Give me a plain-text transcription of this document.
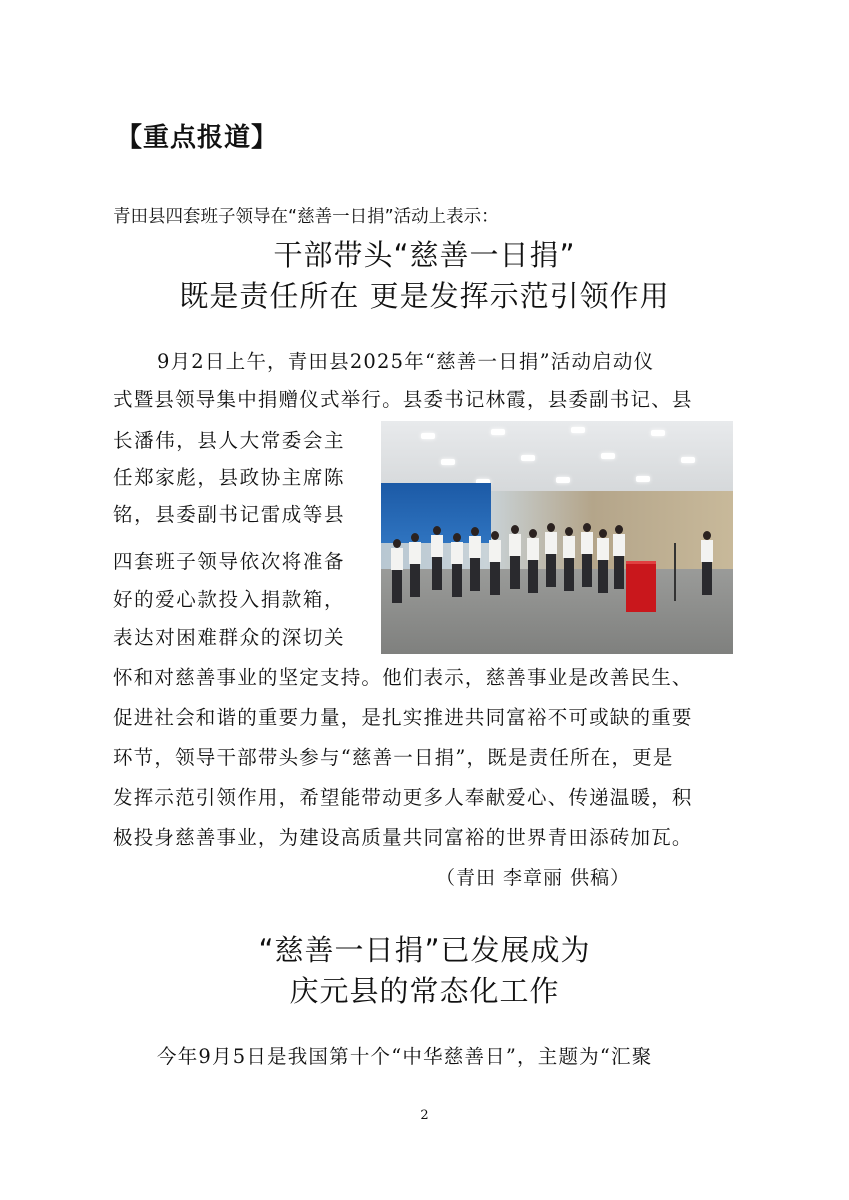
【重点报道】
青田县四套班子领导在“慈善一日捐”活动上表示：
干部带头“慈善一日捐”
既是责任所在 更是发挥示范引领作用
9月2日上午，青田县2025年“慈善一日捐”活动启动仪
式暨县领导集中捐赠仪式举行。县委书记林霞，县委副书记、县
长潘伟，县人大常委会主
任郑家彪，县政协主席陈
铭，县委副书记雷成等县
四套班子领导依次将准备
好的爱心款投入捐款箱，
表达对困难群众的深切关
怀和对慈善事业的坚定支持。他们表示，慈善事业是改善民生、
促进社会和谐的重要力量，是扎实推进共同富裕不可或缺的重要
环节，领导干部带头参与“慈善一日捐”，既是责任所在，更是
发挥示范引领作用，希望能带动更多人奉献爱心、传递温暖，积
极投身慈善事业，为建设高质量共同富裕的世界青田添砖加瓦。
（青田 李章丽 供稿）
“慈善一日捐”已发展成为
庆元县的常态化工作
今年9月5日是我国第十个“中华慈善日”，主题为“汇聚
2
